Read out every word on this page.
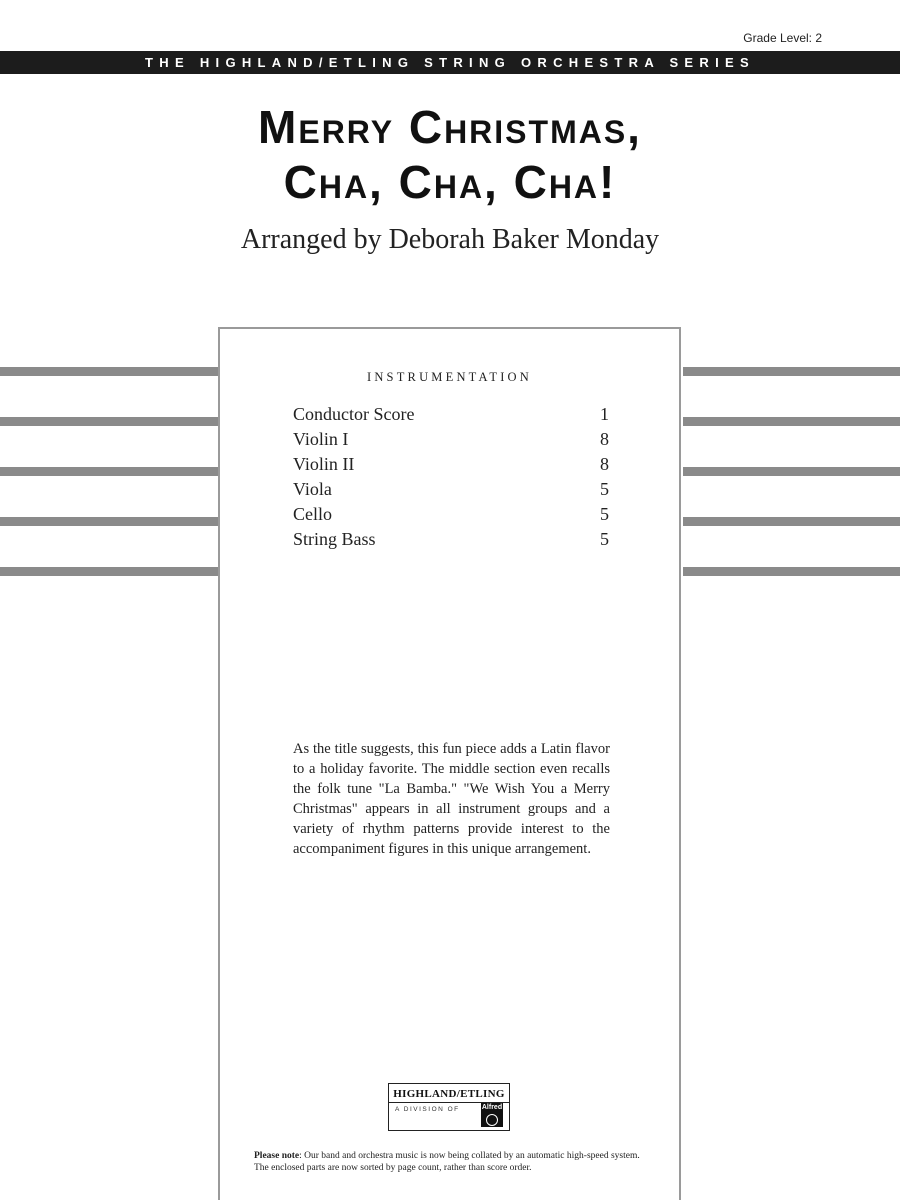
Grade Level: 2
THE HIGHLAND/ETLING STRING ORCHESTRA SERIES
Merry Christmas,
Cha, Cha, Cha!
Arranged by Deborah Baker Monday
INSTRUMENTATION
Conductor Score	1
Violin I	8
Violin II	8
Viola	5
Cello	5
String Bass	5

As the title suggests, this fun piece adds a Latin flavor to a holiday favorite. The middle section even recalls the folk tune "La Bamba." "We Wish You a Merry Christmas" appears in all instrument groups and a variety of rhythm patterns provide interest to the accompaniment figures in this unique arrangement.

HIGHLAND/ETLING
A DIVISION OF	Alfred

Please note: Our band and orchestra music is now being collated by an automatic high-speed system. The enclosed parts are now sorted by page count, rather than score order.
